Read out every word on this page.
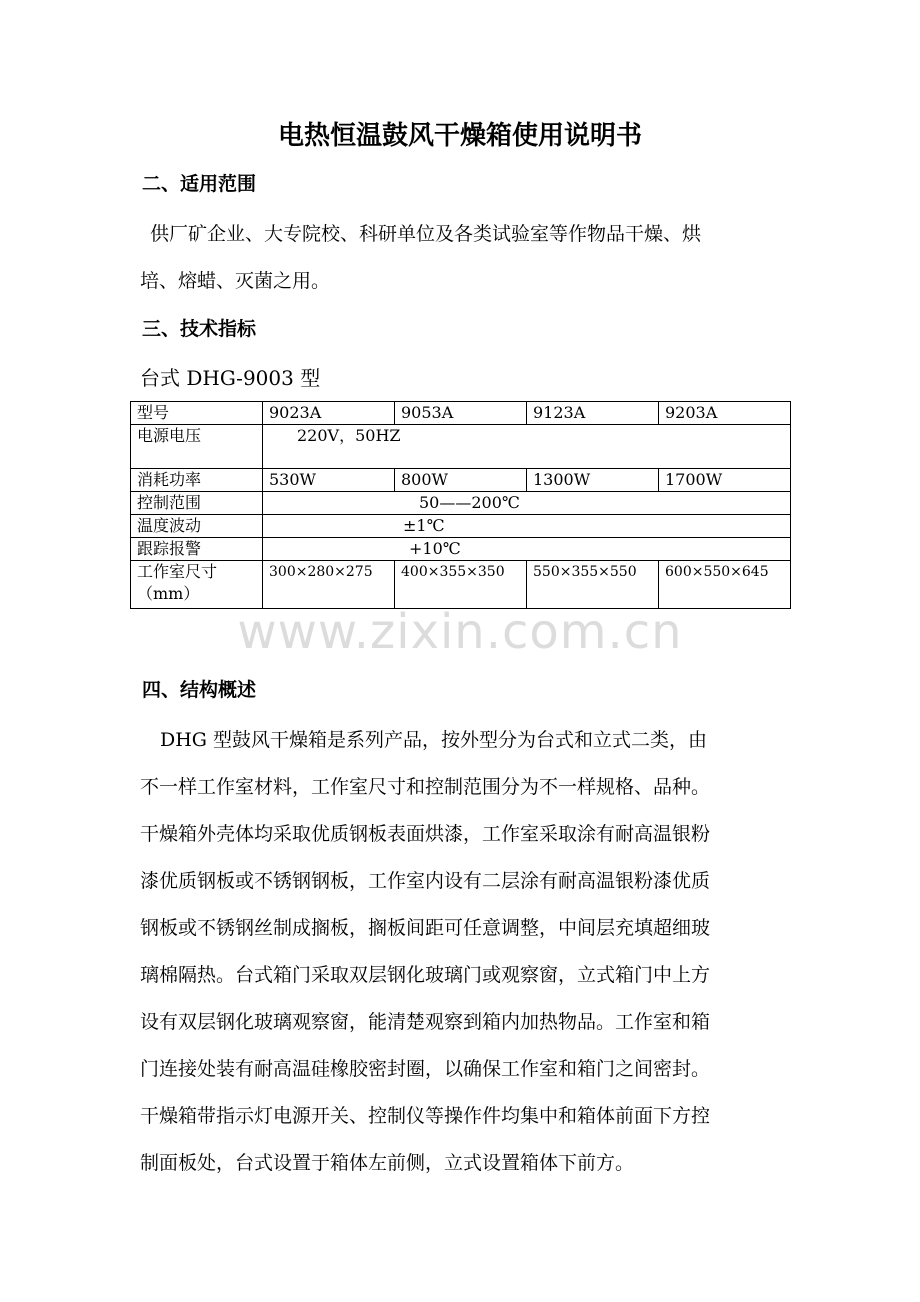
电热恒温鼓风干燥箱使用说明书
二、适用范围
供厂矿企业、大专院校、科研单位及各类试验室等作物品干燥、烘
培、熔蜡、灭菌之用。
三、技术指标
台式 DHG-9003 型
型号	9023A	9053A	9123A	9203A
电源电压	220V，50HZ			
消耗功率	530W	800W	1300W	1700W
控制范围	50——200℃			
温度波动	±1℃			
跟踪报警	+10℃			

工作室尺寸
（mm）	300×280×275	400×355×350	550×355×550	600×550×645
www.zixin.com.cn
四、结构概述
DHG 型鼓风干燥箱是系列产品，按外型分为台式和立式二类，由
不一样工作室材料，工作室尺寸和控制范围分为不一样规格、品种。
干燥箱外壳体均采取优质钢板表面烘漆，工作室采取涂有耐高温银粉
漆优质钢板或不锈钢钢板，工作室内设有二层涂有耐高温银粉漆优质
钢板或不锈钢丝制成搁板，搁板间距可任意调整，中间层充填超细玻
璃棉隔热。台式箱门采取双层钢化玻璃门或观察窗，立式箱门中上方
设有双层钢化玻璃观察窗，能清楚观察到箱内加热物品。工作室和箱
门连接处装有耐高温硅橡胶密封圈，以确保工作室和箱门之间密封。
干燥箱带指示灯电源开关、控制仪等操作件均集中和箱体前面下方控
制面板处，台式设置于箱体左前侧，立式设置箱体下前方。
